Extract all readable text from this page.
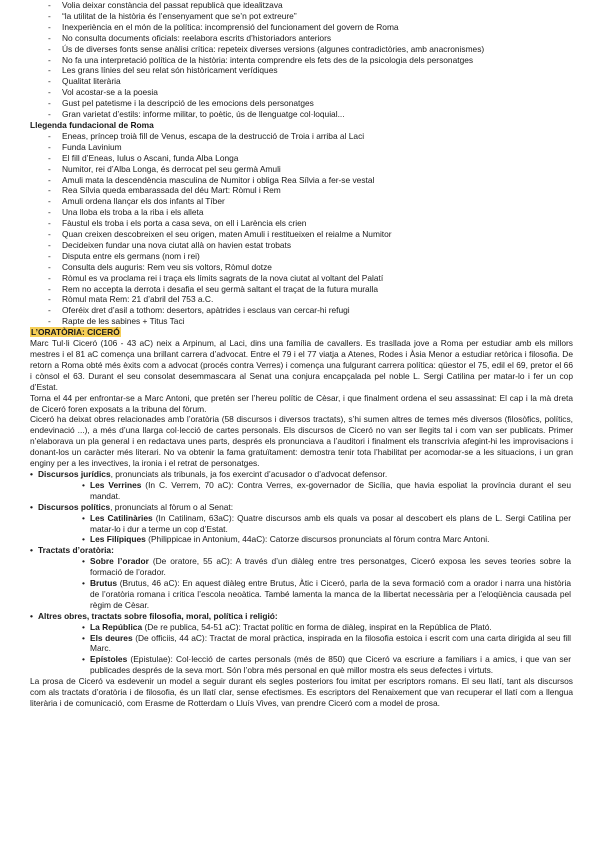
- Volia deixar constància del passat republicà que idealitzava
- “la utilitat de la història és l’ensenyament que se’n pot extreure”
- Inexperiència en el món de la política: incomprensió del funcionament del govern de Roma
- No consulta documents oficials: reelabora escrits d’historiadors anteriors
- Ús de diverses fonts sense anàlisi crítica: repeteix diverses versions (algunes contradictòries, amb anacronismes)
- No fa una interpretació política de la història: intenta comprendre els fets des de la psicologia dels personatges
- Les grans línies del seu relat són històricament verídiques
- Qualitat literària
- Vol acostar-se a la poesia
- Gust pel patetisme i la descripció de les emocions dels personatges
- Gran varietat d’estils: informe militar, to poètic, ús de llenguatge col·loquial...
Llegenda fundacional de Roma
- Eneas, príncep troià fill de Venus, escapa de la destrucció de Troia i arriba al Laci
- Funda Lavinium
- El fill d’Eneas, Iulus o Ascani, funda Alba Longa
- Numitor, rei d’Alba Longa, és derrocat pel seu germà Amuli
- Amuli mata la descendència masculina de Numitor i obliga Rea Sílvia a fer-se vestal
- Rea Sílvia queda embarassada del déu Mart: Ròmul i Rem
- Amuli ordena llançar els dos infants al Tíber
- Una lloba els troba a la riba i els alleta
- Fàustul els troba i els porta a casa seva, on ell i Larència els crien
- Quan creixen descobreixen el seu origen, maten Amuli i restitueixen el reialme a Numitor
- Decideixen fundar una nova ciutat allà on havien estat trobats
- Disputa entre els germans (nom i rei)
- Consulta dels auguris: Rem veu sis voltors, Ròmul dotze
- Ròmul es va proclama rei i traça els límits sagrats de la nova ciutat al voltant del Palatí
- Rem no accepta la derrota i desafia el seu germà saltant el traçat de la futura muralla
- Ròmul mata Rem: 21 d’abril del 753 a.C.
- Oferéix dret d’asil a tothom: desertors, apàtrides i esclaus van cercar-hi refugi
- Rapte de les sabines + Titus Taci
L’ORATÒRIA: CICERÓ

Marc Tul·li Ciceró (106 - 43 aC) neix a Arpinum, al Laci, dins una família de cavallers. Es trasllada jove a Roma per estudiar amb els millors mestres i el 81 aC comença una brillant carrera d’advocat. Entre el 79 i el 77 viatja a Atenes, Rodes i Àsia Menor a estudiar retòrica i filosofia. De retorn a Roma obté més èxits com a advocat (procés contra Verres) i comença una fulgurant carrera política: qüestor el 75, edil el 69, pretor el 66 i cònsol el 63. Durant el seu consolat desemmascara al Senat una conjura encapçalada pel noble L. Sergi Catilina per matar-lo i fer un cop d’Estat.

Torna el 44 per enfrontar-se a Marc Antoni, que pretén ser l’hereu polític de Cèsar, i que finalment ordena el seu assassinat: El cap i la mà dreta de Ciceró foren exposats a la tribuna del fòrum.

Ciceró ha deixat obres relacionades amb l’oratòria (58 discursos i diversos tractats), s’hi sumen altres de temes més diversos (filosòfics, polítics, endevinació ...), a més d’una llarga col·lecció de cartes personals. Els discursos de Ciceró no van ser llegits tal i com van ser publicats. Primer n’elaborava un pla general i en redactava unes parts, després els pronunciava a l’auditori i finalment els transcrivia afegint-hi les improvisacions i donant-los un caràcter més literari. No va obtenir la fama gratuïtament: demostra tenir tota l’habilitat per acomodar-se a les situacions, i un gran enginy per a les invectives, la ironia i el retrat de personatges.

• Discursos jurídics, pronunciats als tribunals, ja fos exercint d’acusador o d’advocat defensor.
• Les Verrines (In C. Verrem, 70 aC): Contra Verres, ex-governador de Sicília, que havia espoliat la província durant el seu mandat.
• Discursos polítics, pronunciats al fòrum o al Senat:
• Les Catilinàries (In Catilinam, 63aC): Quatre discursos amb els quals va posar al descobert els plans de L. Sergi Catilina per matar-lo i dur a terme un cop d’Estat.
• Les Filípiques (Philippicae in Antonium, 44aC): Catorze discursos pronunciats al fòrum contra Marc Antoni.
• Tractats d’oratòria:
• Sobre l’orador (De oratore, 55 aC): A través d’un diàleg entre tres personatges, Ciceró exposa les seves teories sobre la formació de l’orador.
• Brutus (Brutus, 46 aC): En aquest diàleg entre Brutus, Àtic i Ciceró, parla de la seva formació com a orador i narra una història de l’oratòria romana i critica l’escola neoàtica. També lamenta la manca de la llibertat necessària per a l’eloqüència causada pel règim de Cèsar.
• Altres obres, tractats sobre filosofia, moral, política i religió:
• La República (De re publica, 54-51 aC): Tractat polític en forma de diàleg, inspirat en la República de Plató.
• Els deures (De officiis, 44 aC): Tractat de moral pràctica, inspirada en la filosofia estoica i escrit com una carta dirigida al seu fill Marc.
• Epístoles (Epistulae): Col·lecció de cartes personals (més de 850) que Ciceró va escriure a familiars i a amics, i que van ser publicades després de la seva mort. Són l’obra més personal en què millor mostra els seus defectes i virtuts.

La prosa de Ciceró va esdevenir un model a seguir durant els segles posteriors fou imitat per escriptors romans. El seu llatí, tant als discursos com als tractats d’oratòria i de filosofia, és un llatí clar, sense efectismes. Es escriptors del Renaixement que van recuperar el llatí com a llengua literària i de comunicació, com Erasme de Rotterdam o Lluís Vives, van prendre Ciceró com a model de prosa.
